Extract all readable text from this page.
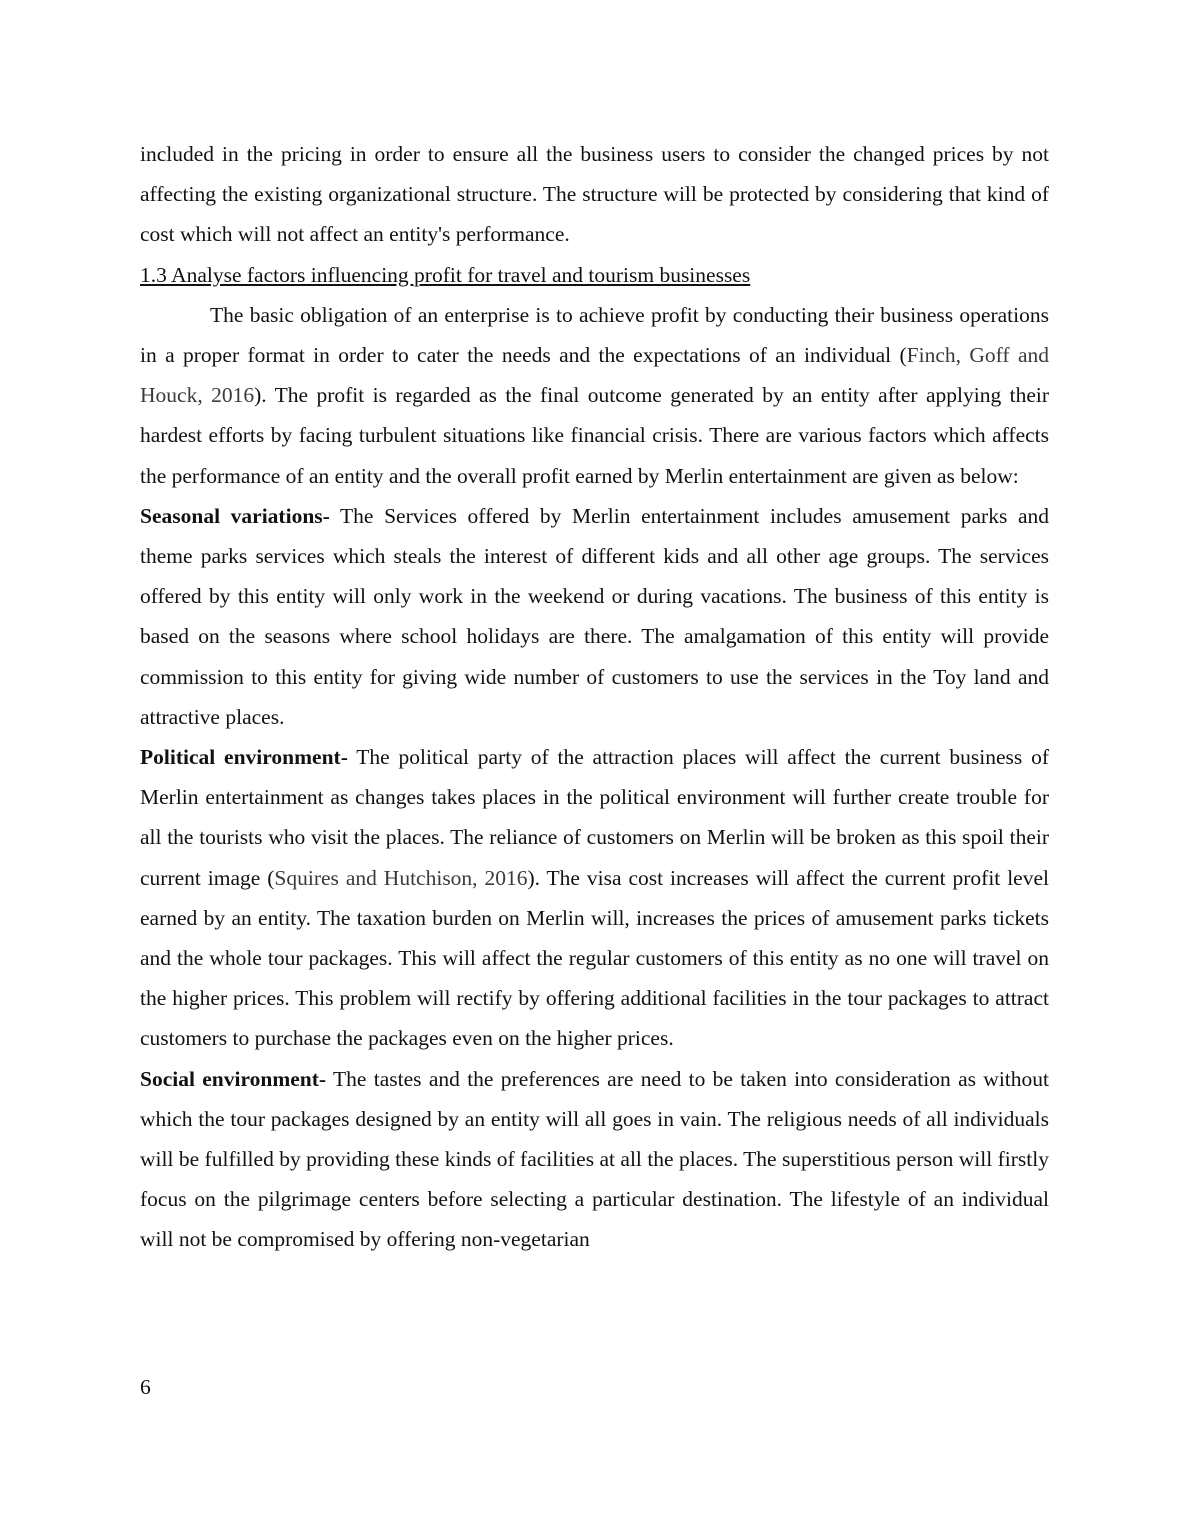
included in the pricing in order to ensure all the business users to consider the changed prices by not affecting the existing organizational structure. The structure will be protected by considering that kind of cost which will not affect an entity's performance.

1.3 Analyse factors influencing profit for travel and tourism businesses

The basic obligation of an enterprise is to achieve profit by conducting their business operations in a proper format in order to cater the needs and the expectations of an individual (Finch, Goff and Houck, 2016). The profit is regarded as the final outcome generated by an entity after applying their hardest efforts by facing turbulent situations like financial crisis. There are various factors which affects the performance of an entity and the overall profit earned by Merlin entertainment are given as below:

Seasonal variations- The Services offered by Merlin entertainment includes amusement parks and theme parks services which steals the interest of different kids and all other age groups. The services offered by this entity will only work in the weekend or during vacations. The business of this entity is based on the seasons where school holidays are there. The amalgamation of this entity will provide commission to this entity for giving wide number of customers to use the services in the Toy land and attractive places.

Political environment- The political party of the attraction places will affect the current business of Merlin entertainment as changes takes places in the political environment will further create trouble for all the tourists who visit the places. The reliance of customers on Merlin will be broken as this spoil their current image (Squires and Hutchison, 2016). The visa cost increases will affect the current profit level earned by an entity. The taxation burden on Merlin will, increases the prices of amusement parks tickets and the whole tour packages. This will affect the regular customers of this entity as no one will travel on the higher prices. This problem will rectify by offering additional facilities in the tour packages to attract customers to purchase the packages even on the higher prices.

Social environment- The tastes and the preferences are need to be taken into consideration as without which the tour packages designed by an entity will all goes in vain. The religious needs of all individuals will be fulfilled by providing these kinds of facilities at all the places. The superstitious person will firstly focus on the pilgrimage centers before selecting a particular destination. The lifestyle of an individual will not be compromised by offering non-vegetarian

6
